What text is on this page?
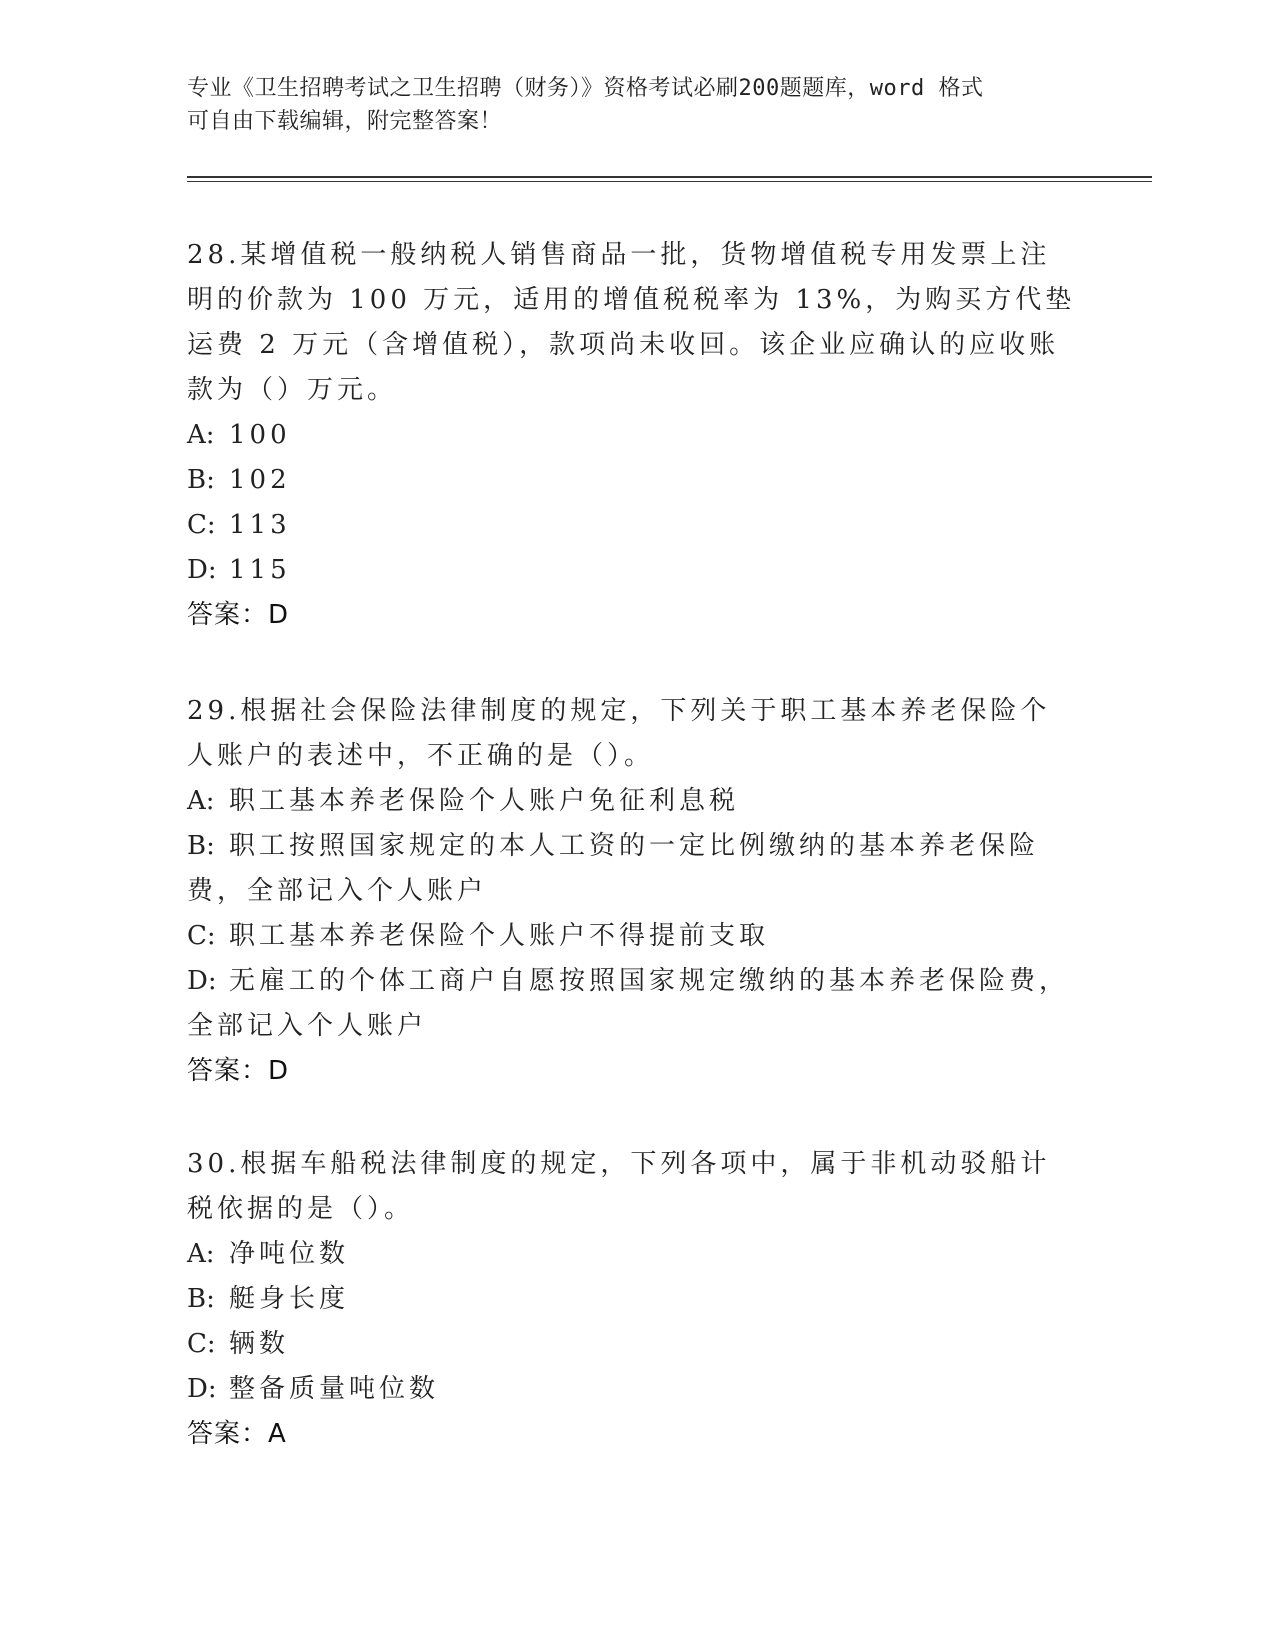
专业《卫生招聘考试之卫生招聘（财务）》资格考试必刷200题题库，word 格式
可自由下载编辑，附完整答案！
28.某增值税一般纳税人销售商品一批，货物增值税专用发票上注明的价款为 100 万元，适用的增值税税率为 13%，为购买方代垫运费 2 万元（含增值税），款项尚未收回。该企业应确认的应收账款为（）万元。
A: 100
B: 102
C: 113
D: 115
答案：D
29.根据社会保险法律制度的规定，下列关于职工基本养老保险个人账户的表述中，不正确的是（）。
A: 职工基本养老保险个人账户免征利息税
B: 职工按照国家规定的本人工资的一定比例缴纳的基本养老保险费，全部记入个人账户
C: 职工基本养老保险个人账户不得提前支取
D: 无雇工的个体工商户自愿按照国家规定缴纳的基本养老保险费，全部记入个人账户
答案：D
30.根据车船税法律制度的规定，下列各项中，属于非机动驳船计税依据的是（）。
A: 净吨位数
B: 艇身长度
C: 辆数
D: 整备质量吨位数
答案：A
